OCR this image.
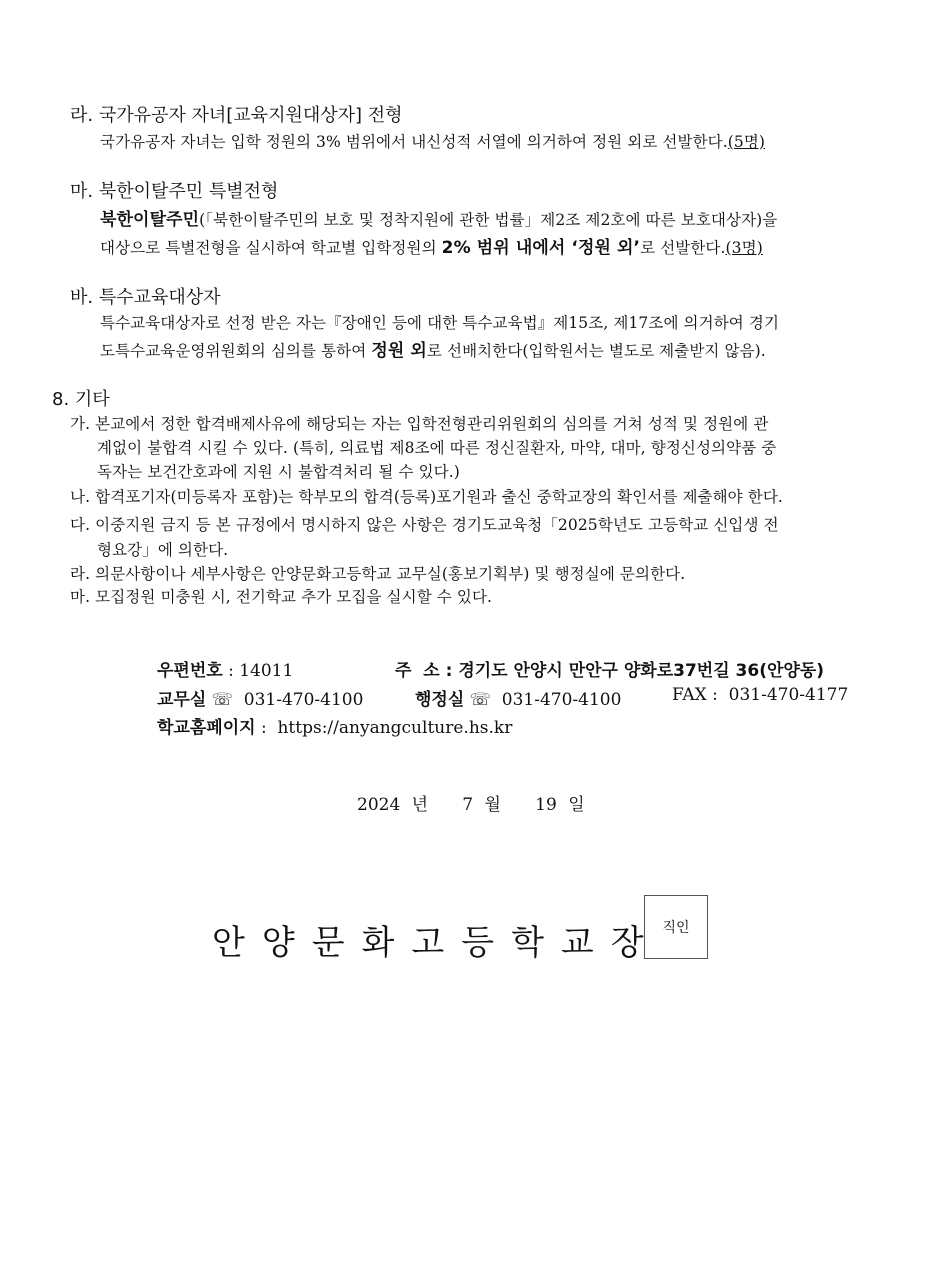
라. 국가유공자 자녀[교육지원대상자] 전형
국가유공자 자녀는 입학 정원의 3% 범위에서 내신성적 서열에 의거하여 정원 외로 선발한다.(5명)
마. 북한이탈주민 특별전형
북한이탈주민(「북한이탈주민의 보호 및 정착지원에 관한 법률」제2조 제2호에 따른 보호대상자)을
대상으로 특별전형을 실시하여 학교별 입학정원의 2% 범위 내에서 ‘정원 외’로 선발한다.(3명)
바. 특수교육대상자
특수교육대상자로 선정 받은 자는『장애인 등에 대한 특수교육법』제15조, 제17조에 의거하여 경기
도특수교육운영위원회의 심의를 통하여 정원 외로 선배치한다(입학원서는 별도로 제출받지 않음).
8. 기타
가. 본교에서 정한 합격배제사유에 해당되는 자는 입학전형관리위원회의 심의를 거쳐 성적 및 정원에 관
계없이 불합격 시킬 수 있다. (특히, 의료법 제8조에 따른 정신질환자, 마약, 대마, 향정신성의약품 중
독자는 보건간호과에 지원 시 불합격처리 될 수 있다.)
나. 합격포기자(미등록자 포함)는 학부모의 합격(등록)포기원과 출신 중학교장의 확인서를 제출해야 한다.
다. 이중지원 금지 등 본 규정에서 명시하지 않은 사항은 경기도교육청「2025학년도 고등학교 신입생 전
형요강」에 의한다.
라. 의문사항이나 세부사항은 안양문화고등학교 교무실(홍보기획부) 및 행정실에 문의한다.
마. 모집정원 미충원 시, 전기학교 추가 모집을 실시할 수 있다.
우편번호 : 14011	주  소 : 경기도 안양시 만안구 양화로37번길 36(안양동)
교무실 ☏  031-470-4100	행정실 ☏  031-470-4100	FAX :  031-470-4177
학교홈페이지 :  https://anyangculture.hs.kr
2024 년   7 월   19 일
안양문화고등학교장 직인
